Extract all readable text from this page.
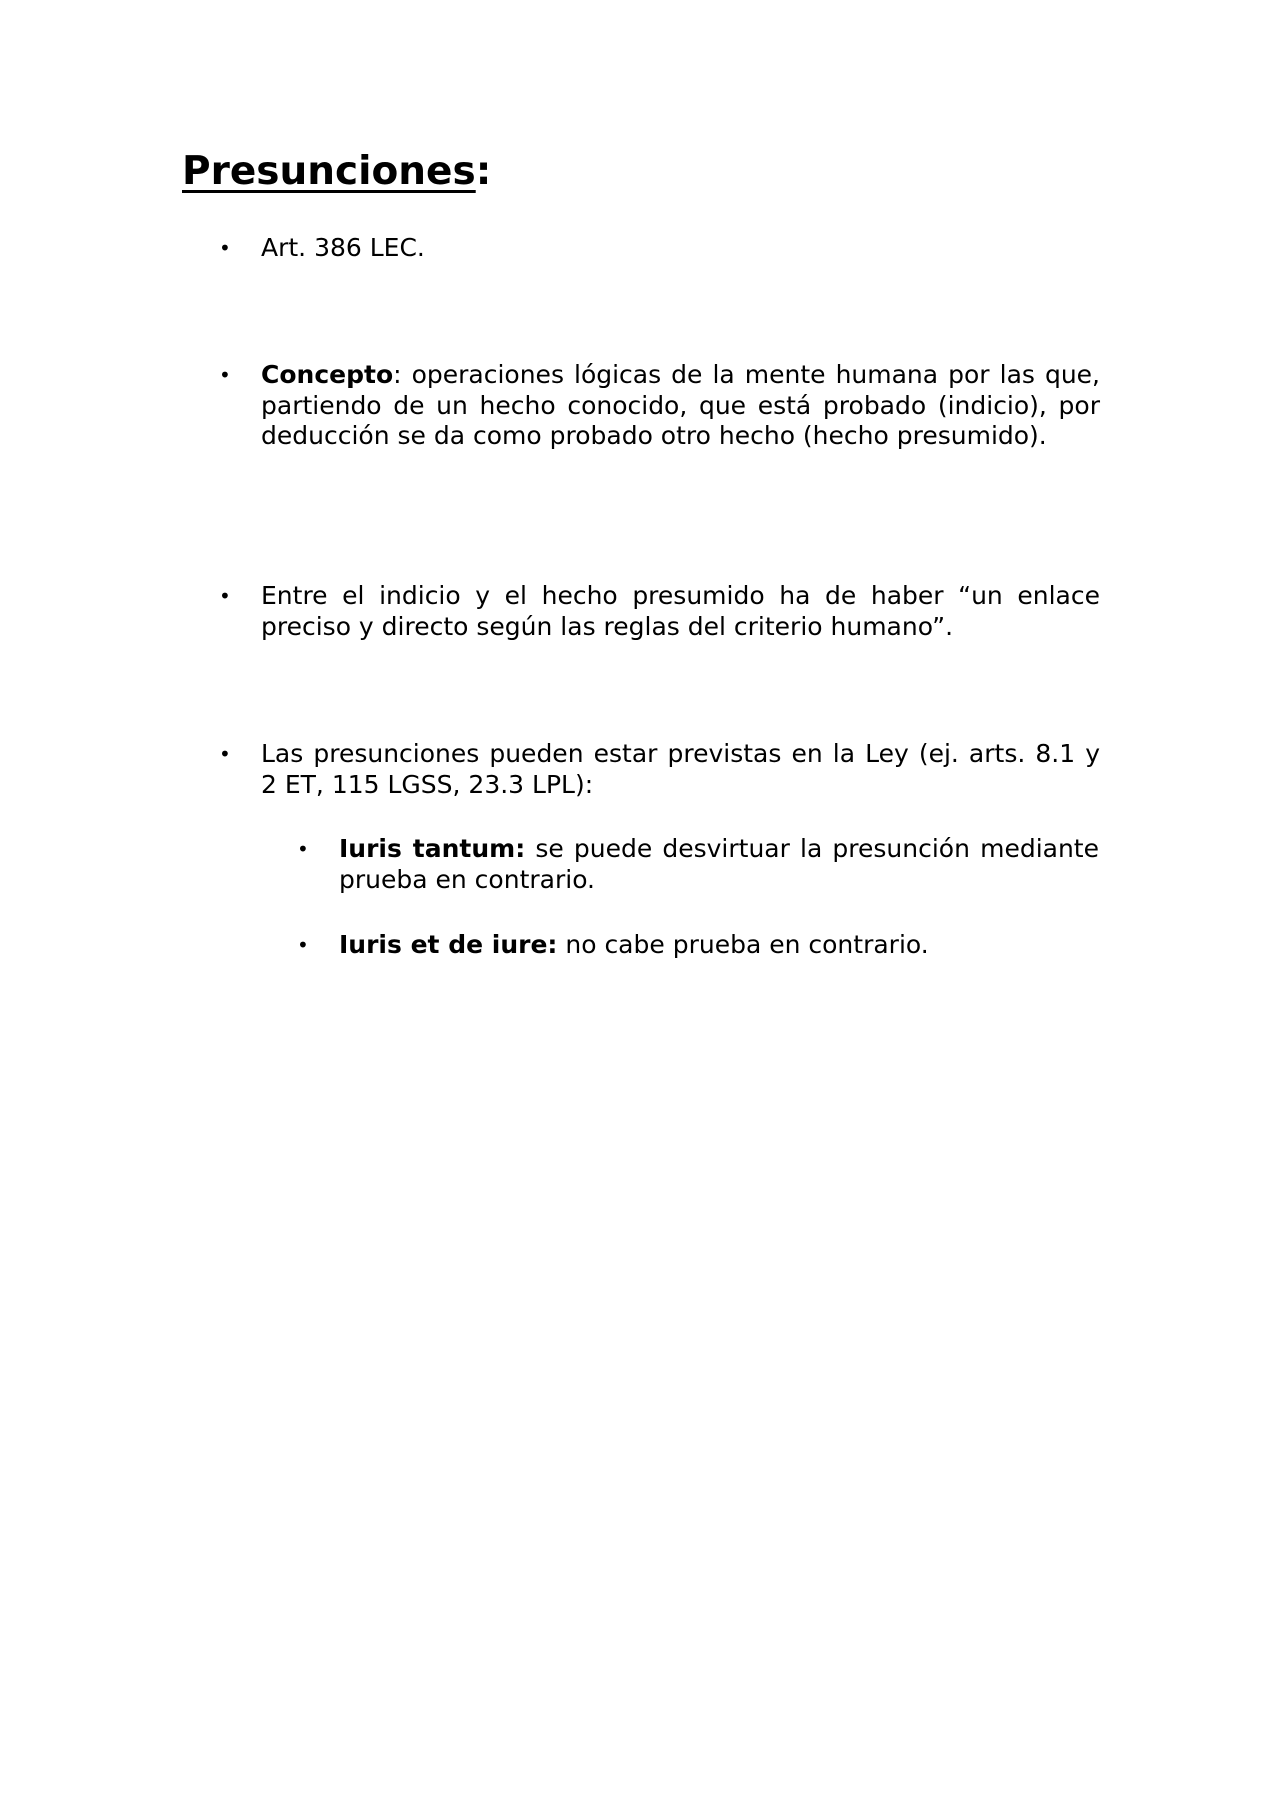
Presunciones:
• Art. 386 LEC.
• Concepto: operaciones lógicas de la mente humana por las que, partiendo de un hecho conocido, que está probado (indicio), por deducción se da como probado otro hecho (hecho presumido).
• Entre el indicio y el hecho presumido ha de haber “un enlace preciso y directo según las reglas del criterio humano”.
• Las presunciones pueden estar previstas en la Ley (ej. arts. 8.1 y 2 ET, 115 LGSS, 23.3 LPL):
• Iuris tantum: se puede desvirtuar la presunción mediante prueba en contrario.
• Iuris et de iure: no cabe prueba en contrario.
